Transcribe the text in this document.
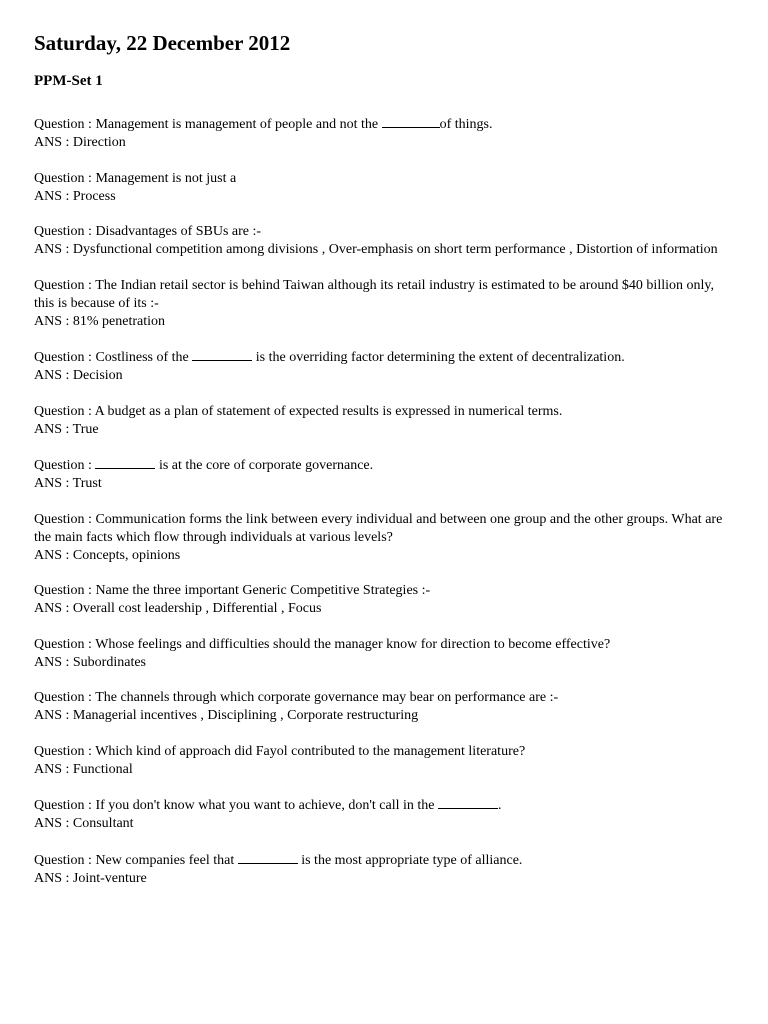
Saturday, 22 December 2012
PPM-Set 1

Question : Management is management of people and not the	of things.

ANS : Direction

Question : Management is not just a

ANS : Process

Question : Disadvantages of SBUs are :-

ANS : Dysfunctional competition among divisions , Over-emphasis on short term performance , Distortion of information

Question : The Indian retail sector is behind Taiwan although its retail industry is estimated to be around $40 billion only, this is because of its :-

ANS : 81% penetration

Question : Costliness of the	is the overriding factor determining the extent of decentralization.

ANS : Decision

Question : A budget as a plan of statement of expected results is expressed in numerical terms.

ANS : True

Question :	is at the core of corporate governance.

ANS : Trust

Question : Communication forms the link between every individual and between one group and the other groups. What are the main facts which flow through individuals at various levels?

ANS : Concepts, opinions

Question : Name the three important Generic Competitive Strategies :-

ANS : Overall cost leadership , Differential , Focus

Question : Whose feelings and difficulties should the manager know for direction to become effective?

ANS : Subordinates

Question : The channels through which corporate governance may bear on performance are :-

ANS : Managerial incentives , Disciplining , Corporate restructuring

Question : Which kind of approach did Fayol contributed to the management literature?

ANS : Functional

Question : If you don't know what you want to achieve, don't call in the	.

ANS : Consultant

Question : New companies feel that	is the most appropriate type of alliance.

ANS : Joint-venture
